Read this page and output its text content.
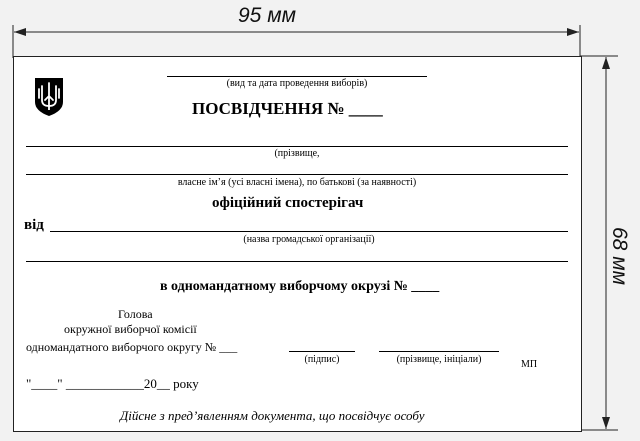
95 мм
68 мм
(вид та дата проведення виборів)
ПОСВІДЧЕННЯ № ____
(прізвище,
власне ім’я (усі власні імена), по батькові (за наявності)
офіційний спостерігач
від
(назва громадської організації)
в одномандатному виборчому окрузі № ____
Голова
окружної виборчої комісії
одномандатного виборчого округу № ___
(підпис)	(прізвище, ініціали)	МП
"____" ____________20__ року
Дійсне з пред’явленням документа, що посвідчує особу
